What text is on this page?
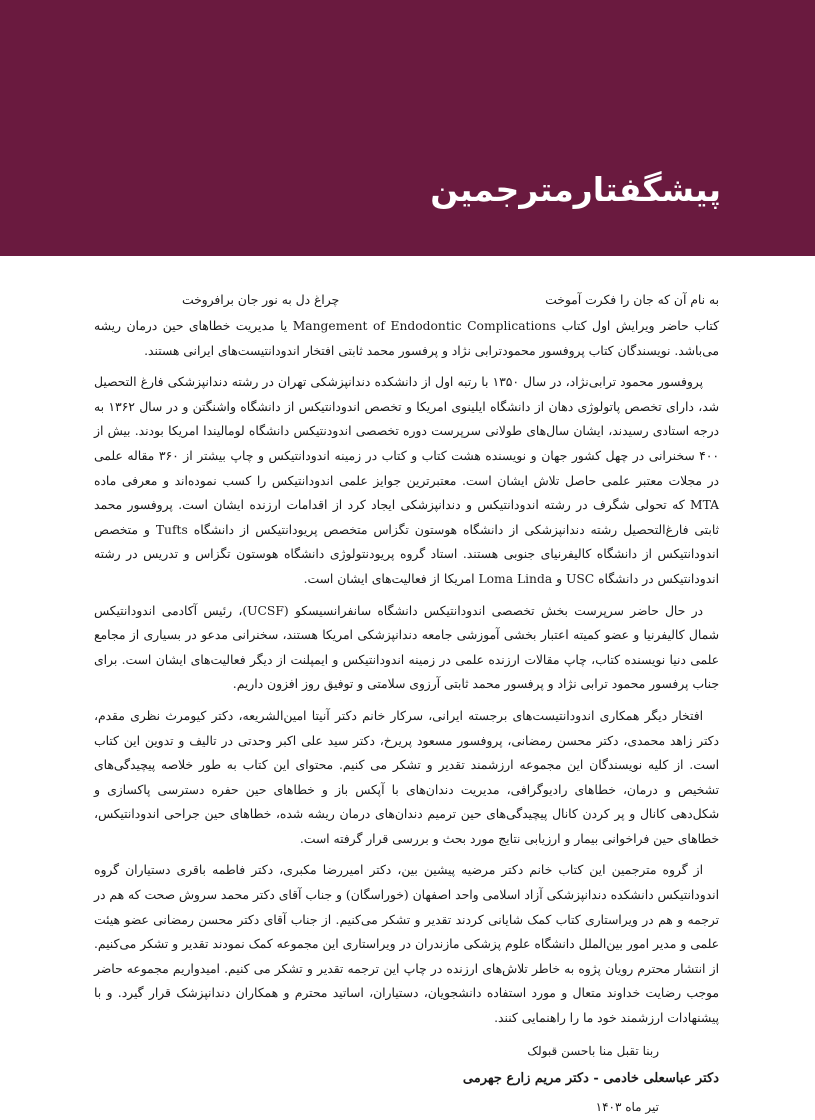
پیشگفتارمترجمین
به نام آن که جان را فکرت آموخت
چراغ دل به نور جان برافروخت

کتاب حاضر ویرایش اول کتاب Mangement of Endodontic Complications یا مدیریت خطاهای حین درمان ریشه می‌باشد. نویسندگان کتاب پروفسور محمودترابی نژاد و پرفسور محمد ثابتی افتخار اندودانتیست‌های ایرانی هستند.

پروفسور محمود ترابی‌نژاد، در سال ۱۳۵۰ با رتبه اول از دانشکده دندانپزشکی تهران در رشته دندانپزشکی فارغ التحصیل شد، دارای تخصص پاتولوژی دهان از دانشگاه ایلینوی امریکا و تخصص اندودانتیکس از دانشگاه واشنگتن و در سال ۱۳۶۲ به درجه استادی رسیدند، ایشان سال‌های طولانی سرپرست دوره تخصصی اندودنتیکس دانشگاه لومالیندا امریکا بودند. بیش از ۴۰۰ سخنرانی در چهل کشور جهان و نویسنده هشت کتاب و کتاب در زمینه اندودانتیکس و چاپ بیشتر از ۳۶۰ مقاله علمی در مجلات معتبر علمی حاصل تلاش ایشان است. معتبرترین جوایز علمی اندودانتیکس را کسب نموده‌اند و معرفی ماده MTA که تحولی شگرف در رشته اندودانتیکس و دندانپزشکی ایجاد کرد از اقدامات ارزنده ایشان است. پروفسور محمد ثابتی فارغ‌التحصیل رشته دندانپزشکی از دانشگاه هوستون تگزاس متخصص پریودانتیکس از دانشگاه Tufts و متخصص اندودانتیکس از دانشگاه کالیفرنیای جنوبی هستند. استاد گروه پریودنتولوژی دانشگاه هوستون تگزاس و تدریس در رشته اندودانتیکس در دانشگاه USC و Loma Linda امریکا از فعالیت‌های ایشان است.

در حال حاضر سرپرست بخش تخصصی اندودانتیکس دانشگاه سانفرانسیسکو (UCSF)، رئیس آکادمی اندودانتیکس شمال کالیفرنیا و عضو کمیته اعتبار بخشی آموزشی جامعه دندانپزشکی امریکا هستند، سخنرانی مدعو در بسیاری از مجامع علمی دنیا نویسنده کتاب، چاپ مقالات ارزنده علمی در زمینه اندودانتیکس و ایمپلنت از دیگر فعالیت‌های ایشان است. برای جناب پرفسور محمود ترابی نژاد و پرفسور محمد ثابتی آرزوی سلامتی و توفیق روز افزون داریم.

افتخار دیگر همکاری اندودانتیست‌های برجسته ایرانی، سرکار خانم دکتر آنیتا امین‌الشریعه، دکتر کیومرث نظری مقدم، دکتر زاهد محمدی، دکتر محسن رمضانی، پروفسور مسعود پریرخ، دکتر سید علی اکبر وحدتی در تالیف و تدوین این کتاب است. از کلیه نویسندگان این مجموعه ارزشمند تقدیر و تشکر می کنیم. محتوای این کتاب به طور خلاصه پیچیدگی‌های تشخیص و درمان، خطاهای رادیوگرافی، مدیریت دندان‌های با آپکس باز و خطاهای حین حفره دسترسی پاکسازی و شکل‌دهی کانال و پر کردن کانال پیچیدگی‌های حین ترمیم دندان‌های درمان ریشه شده، خطاهای حین جراحی اندودانتیکس، خطاهای حین فراخوانی بیمار و ارزیابی نتایج مورد بحث و بررسی قرار گرفته است.

از گروه مترجمین این کتاب خانم دکتر مرضیه پیشین بین، دکتر امیررضا مکبری، دکتر فاطمه باقری دستیاران گروه اندودانتیکس دانشکده دندانپزشکی آزاد اسلامی واحد اصفهان (خوراسگان) و جناب آقای دکتر محمد سروش صحت که هم در ترجمه و هم در ویراستاری کتاب کمک شایانی کردند تقدیر و تشکر می‌کنیم. از جناب آقای دکتر محسن رمضانی عضو هیئت علمی و مدیر امور بین‌الملل دانشگاه علوم پزشکی مازندران در ویراستاری این مجموعه کمک نمودند تقدیر و تشکر می‌کنیم. از انتشار محترم رویان پژوه به خاطر تلاش‌های ارزنده در چاپ این ترجمه تقدیر و تشکر می کنیم. امیدواریم مجموعه حاضر موجب رضایت خداوند متعال و مورد استفاده دانشجویان، دستیاران، اساتید محترم و همکاران دندانپزشک قرار گیرد. و با پیشنهادات ارزشمند خود ما را راهنمایی کنند.

ربنا تقبل منا باحسن قبولک
دکتر عباسعلی خادمی - دکتر مریم زارع جهرمی
تیر ماه ۱۴۰۳
